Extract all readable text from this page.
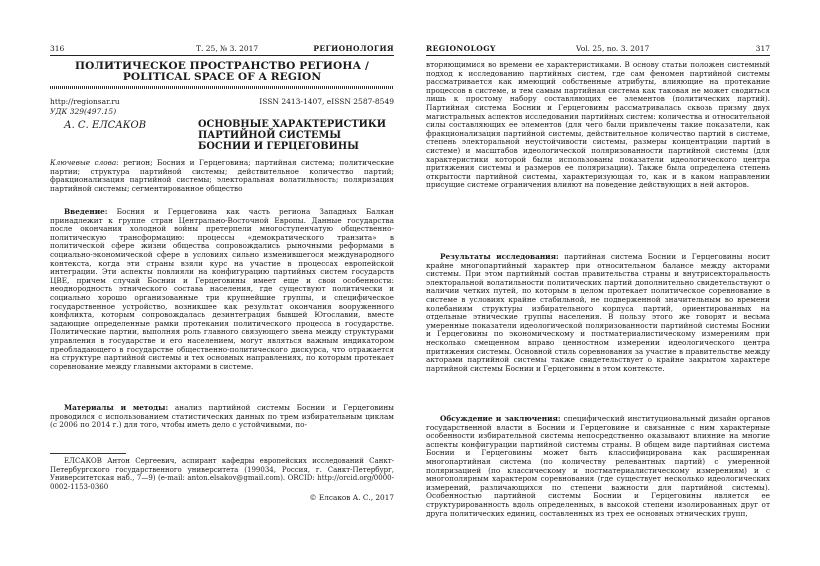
316	Т. 25, № 3. 2017	РЕГИОНОЛОГИЯ
ПОЛИТИЧЕСКОЕ ПРОСТРАНСТВО РЕГИОНА /
POLITICAL SPACE OF A REGION
http://regionsar.ru	ISSN 2413-1407, eISSN 2587-8549
УДК 329(497.15)
А. С. ЕЛСАКОВ	ОСНОВНЫЕ ХАРАКТЕРИСТИКИ
ПАРТИЙНОЙ СИСТЕМЫ
БОСНИИ И ГЕРЦЕГОВИНЫ
Ключевые слова: регион; Босния и Герцеговина; партийная система; политические партии; структура партийной системы; действительное количество партий; фракционализация партийной системы; электоральная волатильность; поляризация партийной системы; сегментированное общество
Введение: Босния и Герцеговина как часть региона Западных Балкан принадлежит к группе стран Центрально-Восточной Европы. Данные государства после окончания холодной войны претерпели многоступенчатую общественно-политическую трансформацию: процессы «демократического транзита» в политической сфере жизни общества сопровождались рыночными реформами в социально-экономической сфере в условиях сильно изменившегося международного контекста, когда эти страны взяли курс на участие в процессах европейской интеграции. Эти аспекты повлияли на конфигурацию партийных систем государств ЦВЕ, причем случай Боснии и Герцеговины имеет еще и свои особенности: неоднородность этнического состава населения, где существуют политически и социально хорошо организованные три крупнейшие группы, и специфическое государственное устройство, возникшее как результат окончания вооруженного конфликта, которым сопровождалась дезинтеграция бывшей Югославии, вместе задающие определенные рамки протекания политического процесса в государстве. Политические партии, выполняя роль главного связующего звена между структурами управления в государстве и его населением, могут являться важным индикатором преобладающего в государстве общественно-политического дискурса, что отражается на структуре партийной системы и тех основных направлениях, по которым протекает соревнование между главными акторами в системе.
Материалы и методы: анализ партийной системы Боснии и Герцеговины проводился с использованием статистических данных по трем избирательным циклам (с 2006 по 2014 г.) для того, чтобы иметь дело с устойчивыми, по-
ЕЛСАКОВ Антон Сергеевич, аспирант кафедры европейских исследований Санкт-Петербургского государственного университета (199034, Россия, г. Санкт-Петербург, Университетская наб., 7—9) (e-mail: anton.elsakov@gmail.com). ORCID: http://orcid.org/0000-0002-1153-0360
© Елсаков А. С., 2017
REGIONOLOGY	Vol. 25, no. 3. 2017	317
вторяющимися во времени ее характеристиками. В основу статьи положен системный подход к исследованию партийных систем, где сам феномен партийной системы рассматривается как имеющий собственные атрибуты, влияющие на протекание процессов в системе, и тем самым партийная система как таковая не может сводиться лишь к простому набору составляющих ее элементов (политических партий). Партийная система Боснии и Герцеговины рассматривалась сквозь призму двух магистральных аспектов исследования партийных систем: количества и относительной силы составляющих ее элементов (для чего были привлечены такие показатели, как фракционализация партийной системы, действительное количество партий в системе, степень электоральной неустойчивости системы, размеры концентрации партий в системе) и масштабов идеологической поляризованности партийной системы (для характеристики которой были использованы показатели идеологического центра притяжения системы и размеров ее поляризации). Также была определена степень открытости партийной системы, характеризующая то, как и в каком направлении присущие системе ограничения влияют на поведение действующих в ней акторов.
Результаты исследования: партийная система Боснии и Герцеговины носит крайне многопартийный характер при относительном балансе между акторами системы. При этом партийный состав правительства страны и внутрисекторальность электоральной волатильности политических партий дополнительно свидетельствуют о наличии четких путей, по которым в целом протекает политическое соревнование в системе в условиях крайне стабильной, не подверженной значительным во времени колебаниям структуры избирательного корпуса партий, ориентированных на отдельные этнические группы населения. В пользу этого же говорят и весьма умеренные показатели идеологической поляризованности партийной системы Боснии и Герцеговины по экономическому и постматериалистическому измерениям при несколько смещенном вправо ценностном измерении идеологического центра притяжения системы. Основной стиль соревнования за участие в правительстве между акторами партийной системы также свидетельствует о крайне закрытом характере партийной системы Боснии и Герцеговины в этом контексте.
Обсуждение и заключения: специфический институциональный дизайн органов государственной власти в Боснии и Герцеговине и связанные с ним характерные особенности избирательной системы непосредственно оказывают влияние на многие аспекты конфигурации партийной системы страны. В общем виде партийная система Боснии и Герцеговины может быть классифицирована как расширенная многопартийная система (по количеству релевантных партий) с умеренной поляризацией (по классическому и постматериалистическому измерениям) и с многополярным характером соревнования (где существует несколько идеологических измерений, различающихся по степени важности для партийной системы). Особенностью партийной системы Боснии и Герцеговины является ее структурированность вдоль определенных, в высокой степени изолированных друг от друга политических единиц, составленных из трех ее основных этнических групп,
